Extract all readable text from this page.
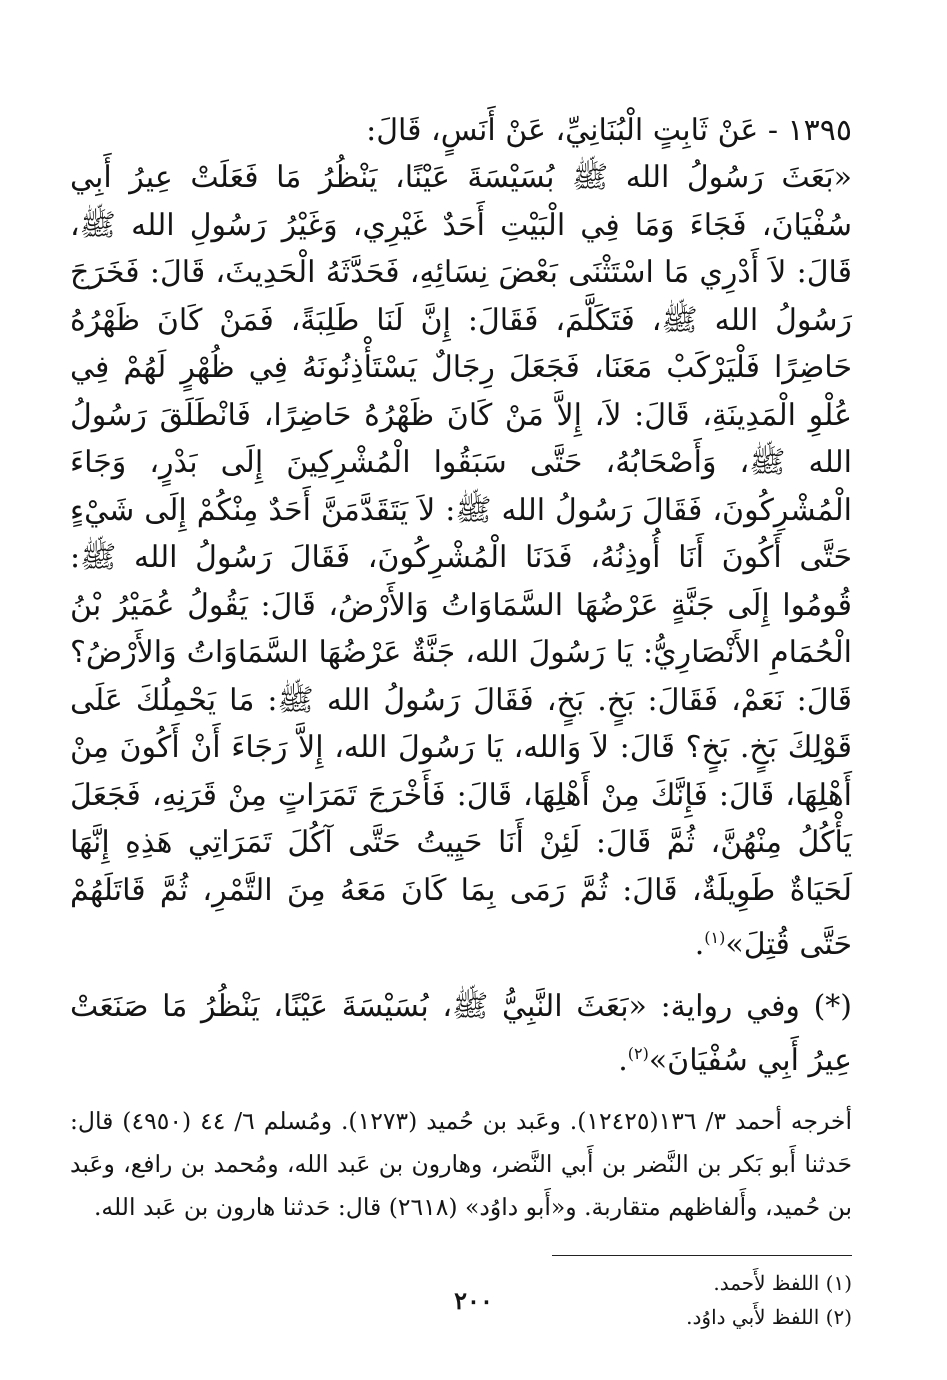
١٣٩٥ - عَنْ ثَابِتٍ الْبُنَانِيِّ، عَنْ أَنَسٍ، قَالَ:

«بَعَثَ رَسُولُ الله ﷺ بُسَيْسَةَ عَيْنًا، يَنْظُرُ مَا فَعَلَتْ عِيرُ أَبِي سُفْيَانَ، فَجَاءَ وَمَا فِي الْبَيْتِ أَحَدٌ غَيْرِي، وَغَيْرُ رَسُولِ الله ﷺ، قَالَ: لاَ أَدْرِي مَا اسْتَثْنَى بَعْضَ نِسَائِهِ، فَحَدَّثَهُ الْحَدِيثَ، قَالَ: فَخَرَجَ رَسُولُ الله ﷺ، فَتَكَلَّمَ، فَقَالَ: إِنَّ لَنَا طَلِبَةً، فَمَنْ كَانَ ظَهْرُهُ حَاضِرًا فَلْيَرْكَبْ مَعَنَا، فَجَعَلَ رِجَالٌ يَسْتَأْذِنُونَهُ فِي ظُهْرٍ لَهُمْ فِي عُلْوِ الْمَدِينَةِ، قَالَ: لاَ، إِلاَّ مَنْ كَانَ ظَهْرُهُ حَاضِرًا، فَانْطَلَقَ رَسُولُ الله ﷺ، وَأَصْحَابُهُ، حَتَّى سَبَقُوا الْمُشْرِكِينَ إِلَى بَدْرٍ، وَجَاءَ الْمُشْرِكُونَ، فَقَالَ رَسُولُ الله ﷺ: لاَ يَتَقَدَّمَنَّ أَحَدٌ مِنْكُمْ إِلَى شَيْءٍ حَتَّى أَكُونَ أَنَا أُوذِنُهُ، فَدَنَا الْمُشْرِكُونَ، فَقَالَ رَسُولُ الله ﷺ: قُومُوا إِلَى جَنَّةٍ عَرْضُهَا السَّمَاوَاتُ وَالأَرْضُ، قَالَ: يَقُولُ عُمَيْرُ بْنُ الْحُمَامِ الأَنْصَارِيُّ: يَا رَسُولَ الله، جَنَّةٌ عَرْضُهَا السَّمَاوَاتُ وَالأَرْضُ؟ قَالَ: نَعَمْ، فَقَالَ: بَخٍ. بَخٍ، فَقَالَ رَسُولُ الله ﷺ: مَا يَحْمِلُكَ عَلَى قَوْلِكَ بَخٍ. بَخٍ؟ قَالَ: لاَ وَالله، يَا رَسُولَ الله، إِلاَّ رَجَاءَ أَنْ أَكُونَ مِنْ أَهْلِهَا، قَالَ: فَإِنَّكَ مِنْ أَهْلِهَا، قَالَ: فَأَخْرَجَ تَمَرَاتٍ مِنْ قَرَنِهِ، فَجَعَلَ يَأْكُلُ مِنْهُنَّ، ثُمَّ قَالَ: لَئِنْ أَنَا حَيِيتُ حَتَّى آكُلَ تَمَرَاتِي هَذِهِ إِنَّهَا لَحَيَاةٌ طَوِيلَةٌ، قَالَ: ثُمَّ رَمَى بِمَا كَانَ مَعَهُ مِنَ التَّمْرِ، ثُمَّ قَاتَلَهُمْ حَتَّى قُتِلَ»$^{(١)}$.

(*) وفي رواية: «بَعَثَ النَّبِيُّ ﷺ، بُسَيْسَةَ عَيْنًا، يَنْظُرُ مَا صَنَعَتْ عِيرُ أَبِي سُفْيَانَ»$^{(٢)}$.

أخرجه أحمد ٣/ ١٣٦(١٢٤٢٥). وعَبد بن حُميد (١٢٧٣). ومُسلم ٦/ ٤٤ (٤٩٥٠) قال: حَدثنا أَبو بَكر بن النَّضر بن أَبي النَّضر، وهارون بن عَبد الله، ومُحمد بن رافع، وعَبد بن حُميد، وأَلفاظهم متقاربة. و«أَبو داوُد» (٢٦١٨) قال: حَدثنا هارون بن عَبد الله.

(١) اللفظ لأَحمد.
(٢) اللفظ لأَبي داوُد.
٢٠٠
